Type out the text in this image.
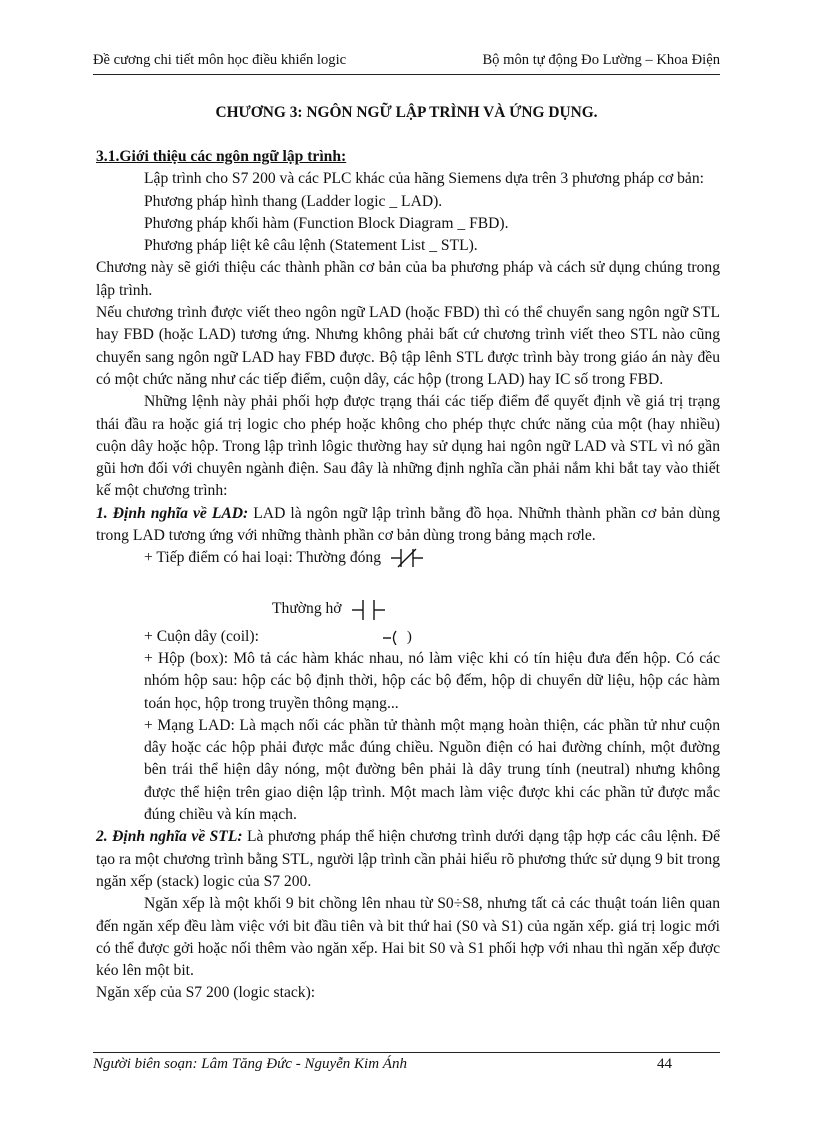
Đề cương chi tiết môn học điều khiển logic	Bộ môn tự động Đo Lường – Khoa Điện
CHƯƠNG 3: NGÔN NGỮ LẬP TRÌNH VÀ ỨNG DỤNG.

3.1.Giới thiệu các ngôn ngữ lập trình:

Lập trình cho S7 200 và các PLC khác của hãng Siemens dựa trên 3 phương pháp cơ bản:

Phương pháp hình thang (Ladder logic _ LAD).

Phương pháp khối hàm (Function Block Diagram _ FBD).

Phương pháp liệt kê câu lệnh (Statement List _ STL).

Chương này sẽ giới thiệu các thành phần cơ bản của ba phương pháp và cách sử dụng chúng trong lập trình.

Nếu chương trình được viết theo ngôn ngữ LAD (hoặc FBD) thì có thể chuyển sang ngôn ngữ STL hay FBD (hoặc LAD) tương ứng. Nhưng không phải bất cứ chương trình viết theo STL nào cũng chuyển sang ngôn ngữ LAD hay FBD được. Bộ tập lênh STL được trình bày trong giáo án này đều có một chức năng như các tiếp điểm, cuộn dây, các hộp (trong LAD) hay IC số trong FBD.

Những lệnh này phải phối hợp được trạng thái các tiếp điểm để quyết định về giá trị trạng thái đầu ra hoặc giá trị logic cho phép hoặc không cho phép thực chức năng của một (hay nhiều) cuộn dây hoặc hộp. Trong lập trình lôgic thường hay sử dụng hai ngôn ngữ LAD và STL vì nó gần gũi hơn đối với chuyên ngành điện. Sau đây là những định nghĩa cần phải nắm khi bắt tay vào thiết kế một chương trình:

1. Định nghĩa về LAD: LAD là ngôn ngữ lập trình bằng đồ họa. Nhữnh thành phần cơ bản dùng trong LAD tương ứng với những thành phần cơ bản dùng trong bảng mạch rơle.

+ Tiếp điểm có hai loại: Thường đóng
Thường hở
+ Cuộn dây (coil):	)

+ Hộp (box): Mô tả các hàm khác nhau, nó làm việc khi có tín hiệu đưa đến hộp. Có các nhóm hộp sau: hộp các bộ định thời, hộp các bộ đếm, hộp di chuyển dữ liệu, hộp các hàm toán học, hộp trong truyền thông mạng...

+ Mạng LAD: Là mạch nối các phần tử thành một mạng hoàn thiện, các phần tử như cuộn dây hoặc các hộp phải được mắc đúng chiều. Nguồn điện có hai đường chính, một đường bên trái thể hiện dây nóng, một đường bên phải là dây trung tính (neutral) nhưng không được thể hiện trên giao diện lập trình. Một mach làm việc được khi các phần tử được mắc đúng chiều và kín mạch.

2. Định nghĩa về STL: Là phương pháp thể hiện chương trình dưới dạng tập hợp các câu lệnh. Để tạo ra một chương trình bằng STL, người lập trình cần phải hiểu rõ phương thức sử dụng 9 bit trong ngăn xếp (stack) logic của S7 200.

Ngăn xếp là một khối 9 bit chồng lên nhau từ S0÷S8, nhưng tất cả các thuật toán liên quan đến ngăn xếp đều làm việc với bit đầu tiên và bit thứ hai (S0 và S1) của ngăn xếp. giá trị logic mới có thể được gởi hoặc nối thêm vào ngăn xếp. Hai bit S0 và S1 phối hợp với nhau thì ngăn xếp được kéo lên một bit.

Ngăn xếp của S7 200 (logic stack):

Người biên soạn: Lâm Tăng Đức - Nguyễn Kim Ánh	44
